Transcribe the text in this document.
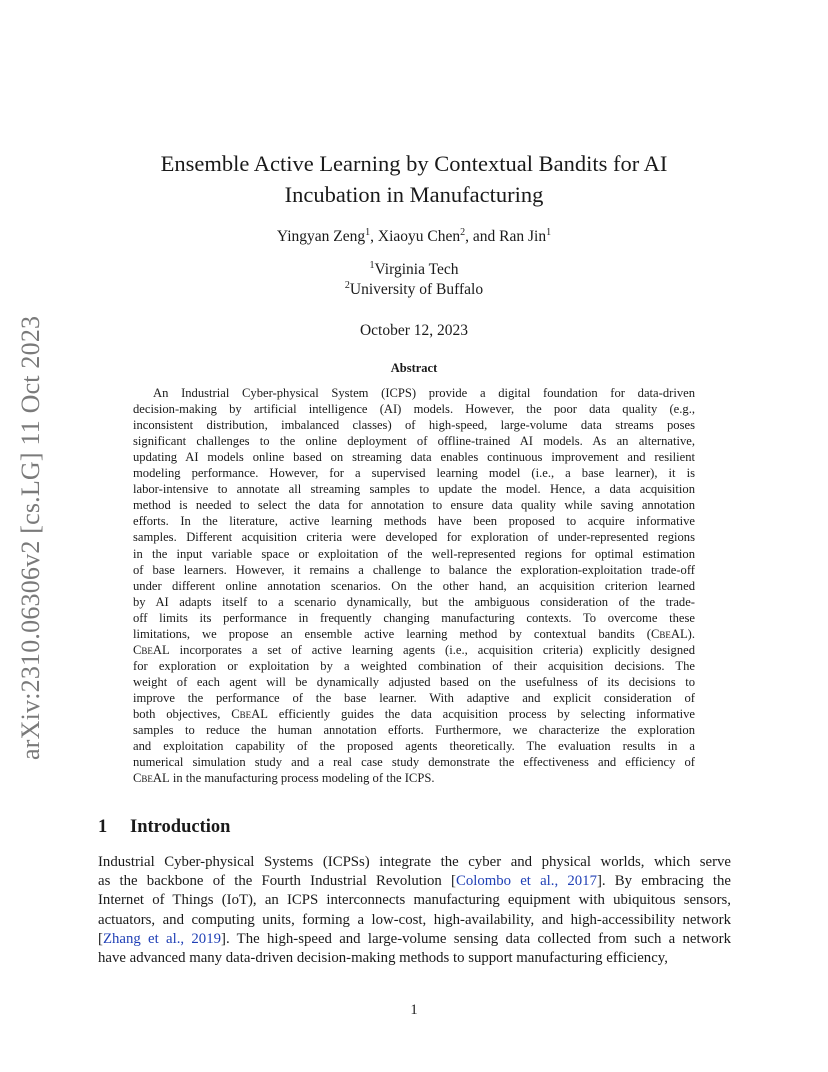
arXiv:2310.06306v2 [cs.LG] 11 Oct 2023
Ensemble Active Learning by Contextual Bandits for AI
Incubation in Manufacturing
Yingyan Zeng$^1$, Xiaoyu Chen$^2$, and Ran Jin$^1$
$^1$Virginia Tech
$^2$University of Buffalo
October 12, 2023
Abstract
An Industrial Cyber-physical System (ICPS) provide a digital foundation for data-driven
decision-making by artificial intelligence (AI) models. However, the poor data quality (e.g.,
inconsistent distribution, imbalanced classes) of high-speed, large-volume data streams poses
significant challenges to the online deployment of offline-trained AI models. As an alternative,
updating AI models online based on streaming data enables continuous improvement and resilient
modeling performance. However, for a supervised learning model (i.e., a base learner), it is
labor-intensive to annotate all streaming samples to update the model. Hence, a data acquisition
method is needed to select the data for annotation to ensure data quality while saving annotation
efforts. In the literature, active learning methods have been proposed to acquire informative
samples. Different acquisition criteria were developed for exploration of under-represented regions
in the input variable space or exploitation of the well-represented regions for optimal estimation
of base learners. However, it remains a challenge to balance the exploration-exploitation trade-off
under different online annotation scenarios. On the other hand, an acquisition criterion learned
by AI adapts itself to a scenario dynamically, but the ambiguous consideration of the trade-
off limits its performance in frequently changing manufacturing contexts. To overcome these
limitations, we propose an ensemble active learning method by contextual bandits (CbeAL).
CbeAL incorporates a set of active learning agents (i.e., acquisition criteria) explicitly designed
for exploration or exploitation by a weighted combination of their acquisition decisions. The
weight of each agent will be dynamically adjusted based on the usefulness of its decisions to
improve the performance of the base learner. With adaptive and explicit consideration of
both objectives, CbeAL efficiently guides the data acquisition process by selecting informative
samples to reduce the human annotation efforts. Furthermore, we characterize the exploration
and exploitation capability of the proposed agents theoretically. The evaluation results in a
numerical simulation study and a real case study demonstrate the effectiveness and efficiency of
CbeAL in the manufacturing process modeling of the ICPS.
1 Introduction
Industrial Cyber-physical Systems (ICPSs) integrate the cyber and physical worlds, which serve
as the backbone of the Fourth Industrial Revolution [Colombo et al., 2017]. By embracing the
Internet of Things (IoT), an ICPS interconnects manufacturing equipment with ubiquitous sensors,
actuators, and computing units, forming a low-cost, high-availability, and high-accessibility network
[Zhang et al., 2019]. The high-speed and large-volume sensing data collected from such a network
have advanced many data-driven decision-making methods to support manufacturing efficiency,
1
